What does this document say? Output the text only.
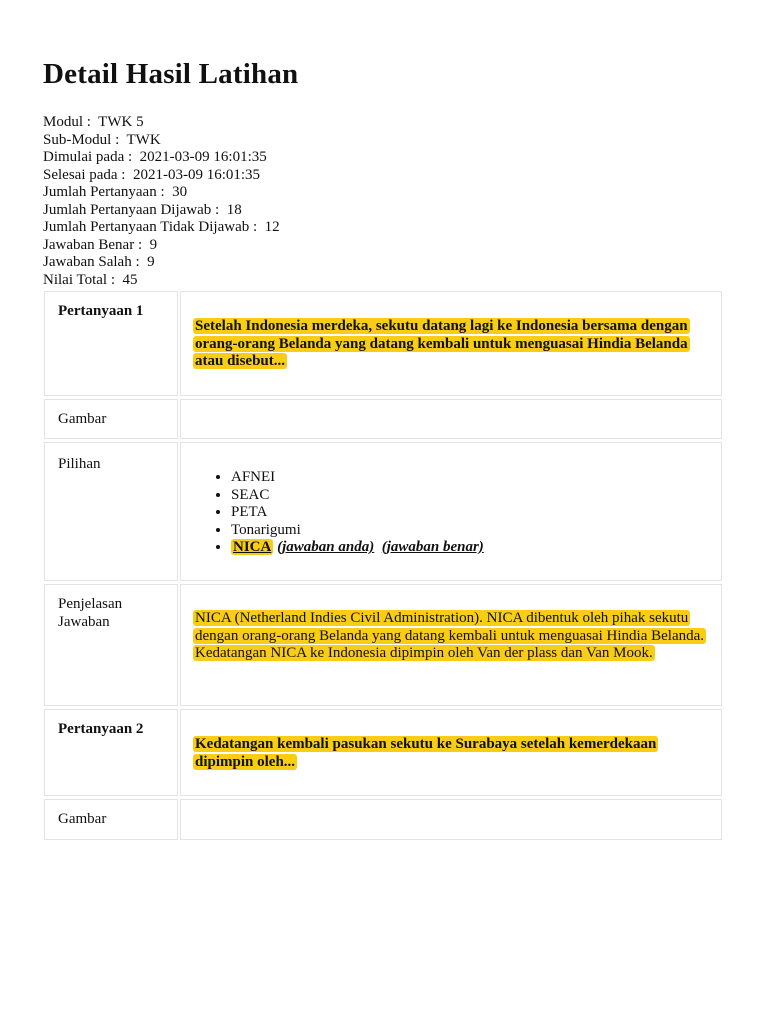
Detail Hasil Latihan
Modul : TWK 5
Sub-Modul : TWK
Dimulai pada : 2021-03-09 16:01:35
Selesai pada : 2021-03-09 16:01:35
Jumlah Pertanyaan : 30
Jumlah Pertanyaan Dijawab : 18
Jumlah Pertanyaan Tidak Dijawab : 12
Jawaban Benar : 9
Jawaban Salah : 9
Nilai Total : 45
Pertanyaan 1
Setelah Indonesia merdeka, sekutu datang lagi ke Indonesia bersama dengan orang-orang Belanda yang datang kembali untuk menguasai Hindia Belanda atau disebut...
Gambar
Pilihan
• AFNEI
• SEAC
• PETA
• Tonarigumi
• NICA (jawaban anda) (jawaban benar)
Penjelasan
Jawaban	NICA (Netherland Indies Civil Administration). NICA dibentuk oleh pihak sekutu dengan orang-orang Belanda yang datang kembali untuk menguasai Hindia Belanda. Kedatangan NICA ke Indonesia dipimpin oleh Van der plass dan Van Mook.
Pertanyaan 2
Kedatangan kembali pasukan sekutu ke Surabaya setelah kemerdekaan dipimpin oleh...
Gambar
